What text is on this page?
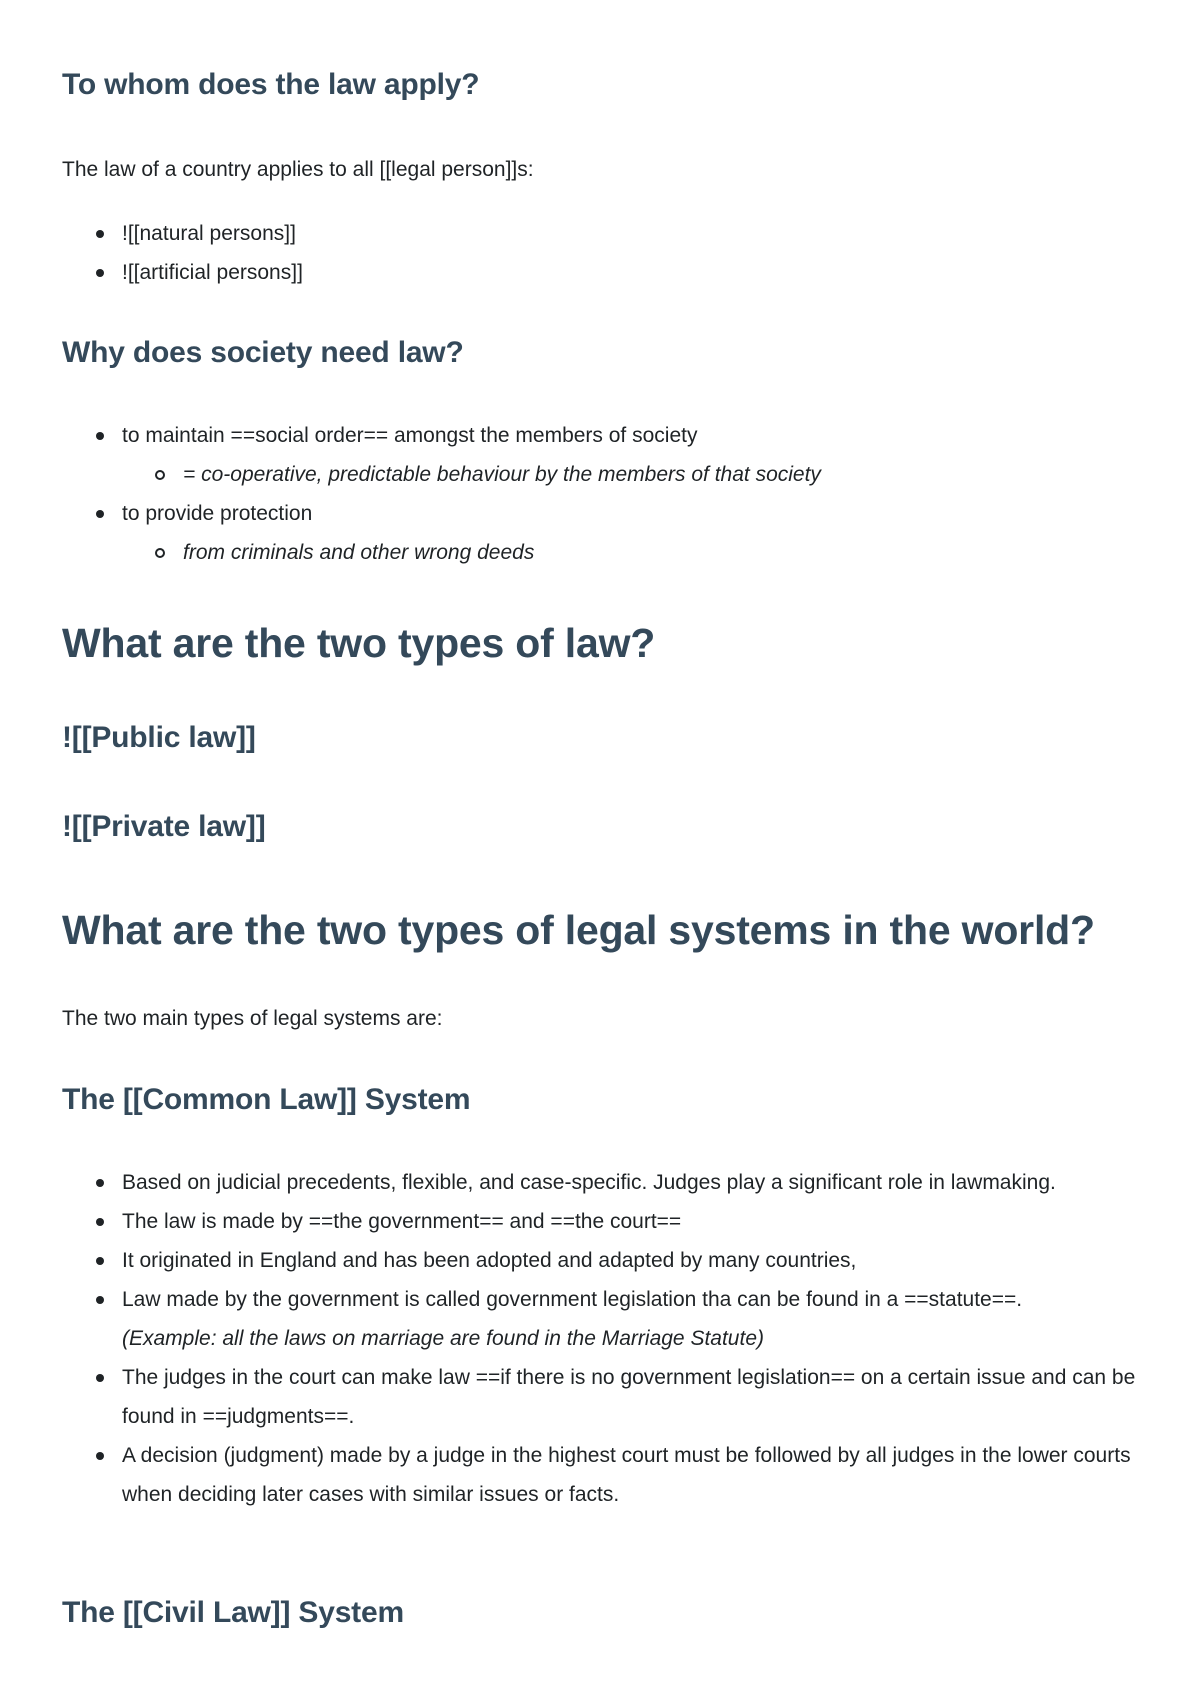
To whom does the law apply?

The law of a country applies to all [[legal person]]s:

![[natural persons]]
![[artificial persons]]
Why does society need law?
to maintain ==social order== amongst the members of society
= co-operative, predictable behaviour by the members of that society
to provide protection
from criminals and other wrong deeds
What are the two types of law?
![[Public law]]
![[Private law]]
What are the two types of legal systems in the world?

The two main types of legal systems are:

The [[Common Law]] System
Based on judicial precedents, flexible, and case-specific. Judges play a significant role in lawmaking.
The law is made by ==the government== and ==the court==
It originated in England and has been adopted and adapted by many countries,
Law made by the government is called government legislation tha can be found in a ==statute==.
(Example: all the laws on marriage are found in the Marriage Statute)
The judges in the court can make law ==if there is no government legislation== on a certain issue and can be found in ==judgments==.
A decision (judgment) made by a judge in the highest court must be followed by all judges in the lower courts when deciding later cases with similar issues or facts.
The [[Civil Law]] System
